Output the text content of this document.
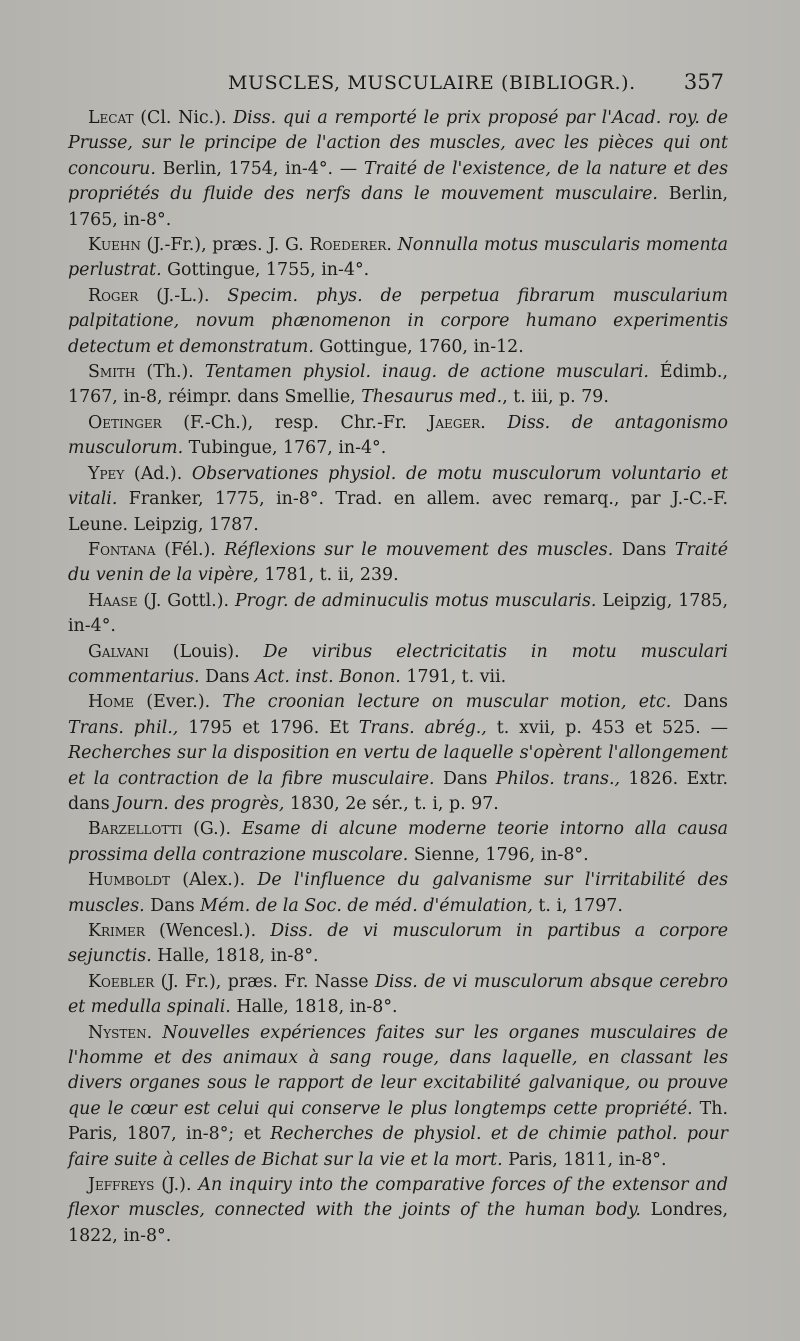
MUSCLES, MUSCULAIRE (BIBLIOGR.). 357

Lecat (Cl. Nic.). Diss. qui a remporté le prix proposé par l'Acad. roy. de Prusse, sur le principe de l'action des muscles, avec les pièces qui ont concouru. Berlin, 1754, in-4°. — Traité de l'existence, de la nature et des propriétés du fluide des nerfs dans le mouvement musculaire. Berlin, 1765, in-8°.

Kuehn (J.-Fr.), præs. J. G. Roederer. Nonnulla motus muscularis momenta perlustrat. Gottingue, 1755, in-4°.

Roger (J.-L.). Specim. phys. de perpetua fibrarum muscularium palpitatione, novum phænomenon in corpore humano experimentis detectum et demonstratum. Gottingue, 1760, in-12.

Smith (Th.). Tentamen physiol. inaug. de actione musculari. Édimb., 1767, in-8, réimpr. dans Smellie, Thesaurus med., t. iii, p. 79.

Oetinger (F.-Ch.), resp. Chr.-Fr. Jaeger. Diss. de antagonismo musculorum. Tubingue, 1767, in-4°.

Ypey (Ad.). Observationes physiol. de motu musculorum voluntario et vitali. Franker, 1775, in-8°. Trad. en allem. avec remarq., par J.-C.-F. Leune. Leipzig, 1787.

Fontana (Fél.). Réflexions sur le mouvement des muscles. Dans Traité du venin de la vipère, 1781, t. ii, 239.

Haase (J. Gottl.). Progr. de adminuculis motus muscularis. Leipzig, 1785, in-4°.

Galvani (Louis). De viribus electricitatis in motu musculari commentarius. Dans Act. inst. Bonon. 1791, t. vii.

Home (Ever.). The croonian lecture on muscular motion, etc. Dans Trans. phil., 1795 et 1796. Et Trans. abrég., t. xvii, p. 453 et 525. — Recherches sur la disposition en vertu de laquelle s'opèrent l'allongement et la contraction de la fibre musculaire. Dans Philos. trans., 1826. Extr. dans Journ. des progrès, 1830, 2e sér., t. i, p. 97.

Barzellotti (G.). Esame di alcune moderne teorie intorno alla causa prossima della contrazione muscolare. Sienne, 1796, in-8°.

Humboldt (Alex.). De l'influence du galvanisme sur l'irritabilité des muscles. Dans Mém. de la Soc. de méd. d'émulation, t. i, 1797.

Krimer (Wencesl.). Diss. de vi musculorum in partibus a corpore sejunctis. Halle, 1818, in-8°.

Koebler (J. Fr.), præs. Fr. Nasse Diss. de vi musculorum absque cerebro et medulla spinali. Halle, 1818, in-8°.

Nysten. Nouvelles expériences faites sur les organes musculaires de l'homme et des animaux à sang rouge, dans laquelle, en classant les divers organes sous le rapport de leur excitabilité galvanique, ou prouve que le cœur est celui qui conserve le plus longtemps cette propriété. Th. Paris, 1807, in-8°; et Recherches de physiol. et de chimie pathol. pour faire suite à celles de Bichat sur la vie et la mort. Paris, 1811, in-8°.

Jeffreys (J.). An inquiry into the comparative forces of the extensor and flexor muscles, connected with the joints of the human body. Londres, 1822, in-8°.
